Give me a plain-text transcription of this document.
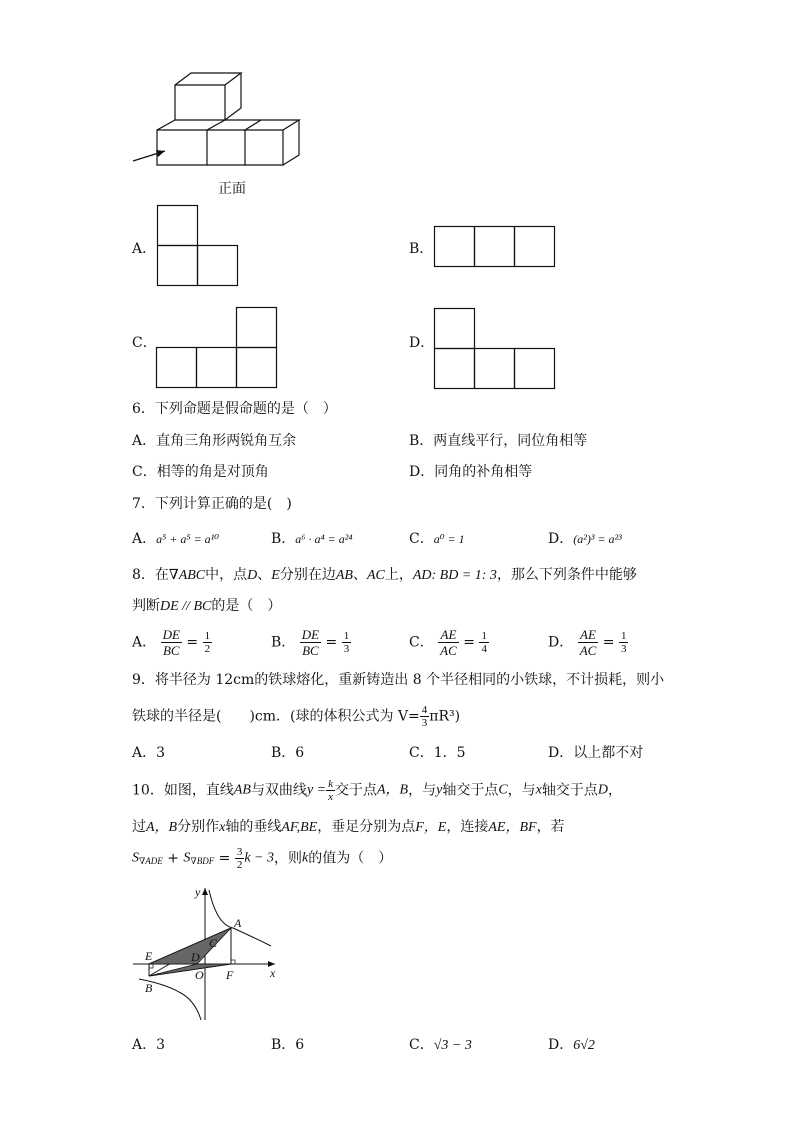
正面
A．	B．
C．	D．
6．下列命题是假命题的是（　）
A．直角三角形两锐角互余	B．两直线平行，同位角相等
C．相等的角是对顶角	D．同角的补角相等
7．下列计算正确的是(　)
A．a⁵ + a⁵ = a¹⁰	B．a⁶ · a⁴ = a²⁴	C．a⁰ = 1	D．(a²)³ = a²³
8．在∇ABC中，点D、E分别在边AB、AC上，AD: BD = 1: 3，那么下列条件中能够
判断DE // BC的是（　）
A． $\frac{DE}{BC} = \frac{1}{2}$	B． $\frac{DE}{BC} = \frac{1}{3}$	C． $\frac{AE}{AC} = \frac{1}{4}$	D． $\frac{AE}{AC} = \frac{1}{3}$
9．将半径为 12cm的铁球熔化，重新铸造出 8 个半径相同的小铁球，不计损耗，则小
铁球的半径是(　　)cm．(球的体积公式为 $V= \frac{4}{3} \pi R^3$)
A．3	B．6	C．1．5	D．以上都不对
10．如图，直线AB与双曲线$y = \frac{k}{x}$ 交于点A，B，与y轴交于点C，与x轴交于点D，
过A，B分别作x轴的垂线AF,BE，垂足分别为点F，E，连接AE，BF，若
$S\nabla ADE + S\nabla BDF = \frac{3}{2}$ k − 3，则k的值为（　）
y
x
A
C
E	D
O F
B
A．3	B．6	C．√3 − 3	D．6√2
